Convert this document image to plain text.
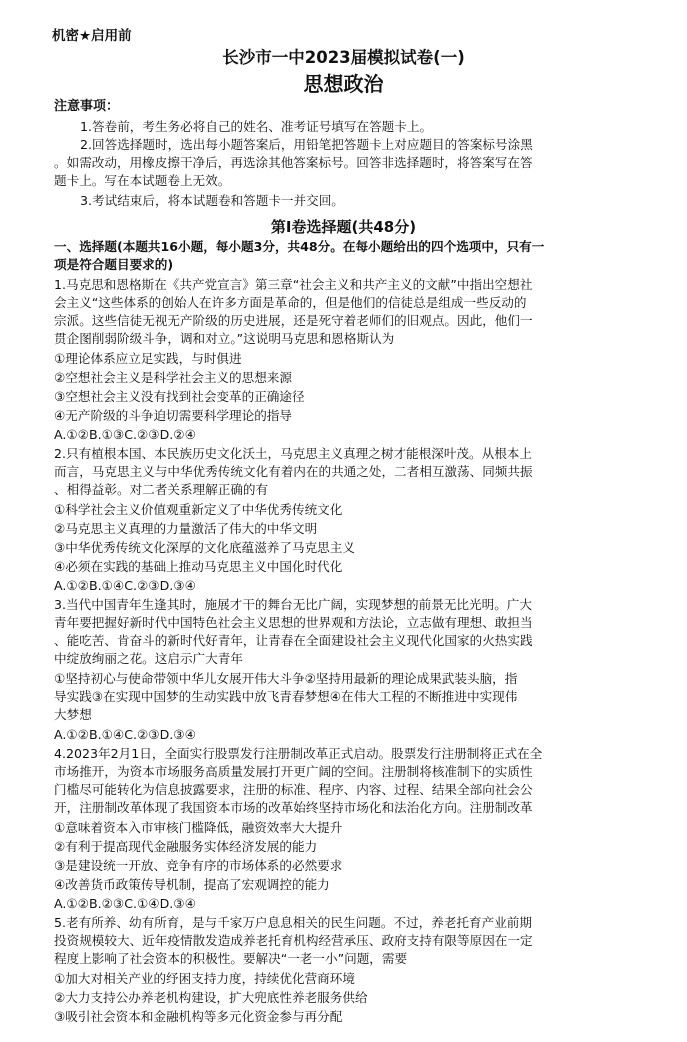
机密★启用前
长沙市一中2023届模拟试卷(一)
思想政治
注意事项：
1.答卷前，考生务必将自己的姓名、准考证号填写在答题卡上。
2.回答选择题时，选出每小题答案后，用铅笔把答题卡上对应题目的答案标号涂黑
。如需改动，用橡皮擦干净后，再选涂其他答案标号。回答非选择题时，将答案写在答
题卡上。写在本试题卷上无效。
3.考试结束后，将本试题卷和答题卡一并交回。
第Ⅰ卷选择题(共48分)
一、选择题(本题共16小题，每小题3分，共48分。在每小题给出的四个选项中，只有一
项是符合题目要求的)
1.马克思和恩格斯在《共产党宣言》第三章“社会主义和共产主义的文献”中指出空想社
会主义“这些体系的创始人在许多方面是革命的，但是他们的信徒总是组成一些反动的
宗派。这些信徒无视无产阶级的历史进展，还是死守着老师们的旧观点。因此，他们一
贯企图削弱阶级斗争，调和对立。”这说明马克思和恩格斯认为
①理论体系应立足实践，与时俱进
②空想社会主义是科学社会主义的思想来源
③空想社会主义没有找到社会变革的正确途径
④无产阶级的斗争迫切需要科学理论的指导
A.①②B.①③C.②③D.②④
2.只有植根本国、本民族历史文化沃土，马克思主义真理之树才能根深叶茂。从根本上
而言，马克思主义与中华优秀传统文化有着内在的共通之处，二者相互激荡、同频共振
、相得益彰。对二者关系理解正确的有
①科学社会主义价值观重新定义了中华优秀传统文化
②马克思主义真理的力量激活了伟大的中华文明
③中华优秀传统文化深厚的文化底蕴滋养了马克思主义
④必须在实践的基础上推动马克思主义中国化时代化
A.①②B.①④C.②③D.③④
3.当代中国青年生逢其时，施展才干的舞台无比广阔，实现梦想的前景无比光明。广大
青年要把握好新时代中国特色社会主义思想的世界观和方法论，立志做有理想、敢担当
、能吃苦、肯奋斗的新时代好青年，让青春在全面建设社会主义现代化国家的火热实践
中绽放绚丽之花。这启示广大青年
①坚持初心与使命带领中华儿女展开伟大斗争②坚持用最新的理论成果武装头脑，指
导实践③在实现中国梦的生动实践中放飞青春梦想④在伟大工程的不断推进中实现伟
大梦想
A.①②B.①④C.②③D.③④
4.2023年2月1日，全面实行股票发行注册制改革正式启动。股票发行注册制将正式在全
市场推开，为资本市场服务高质量发展打开更广阔的空间。注册制将核准制下的实质性
门槛尽可能转化为信息披露要求，注册的标准、程序、内容、过程、结果全部向社会公
开，注册制改革体现了我国资本市场的改革始终坚持市场化和法治化方向。注册制改革
①意味着资本入市审核门槛降低，融资效率大大提升
②有利于提高现代金融服务实体经济发展的能力
③是建设统一开放、竞争有序的市场体系的必然要求
④改善货币政策传导机制，提高了宏观调控的能力
A.①②B.②③C.①④D.③④
5.老有所养、幼有所育，是与千家万户息息相关的民生问题。不过，养老托育产业前期
投资规模较大、近年疫情散发造成养老托育机构经营承压、政府支持有限等原因在一定
程度上影响了社会资本的积极性。要解决“一老一小”问题，需要
①加大对相关产业的纾困支持力度，持续优化营商环境
②大力支持公办养老机构建设，扩大兜底性养老服务供给
③吸引社会资本和金融机构等多元化资金参与再分配
